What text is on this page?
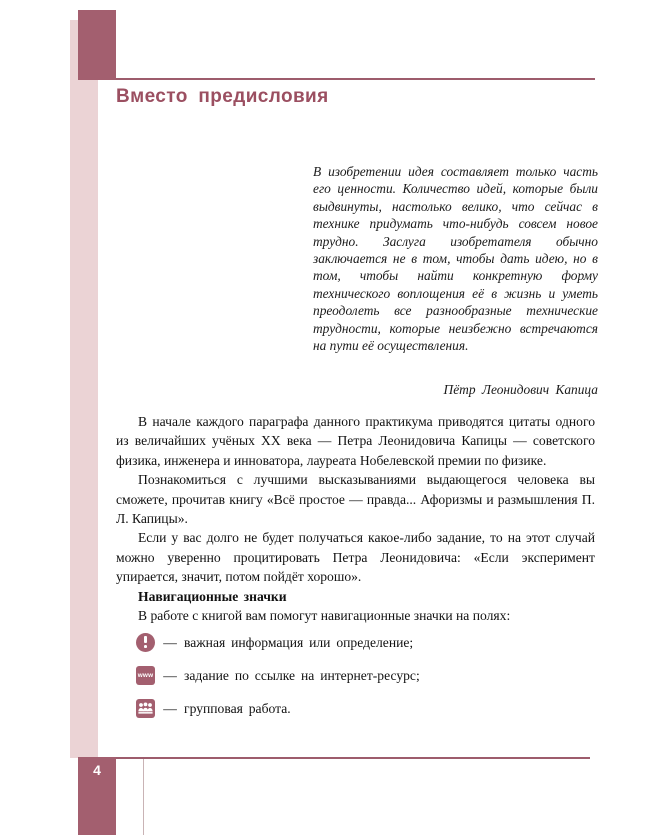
Вместо предисловия
В изобретении идея составляет только часть его ценности. Количество идей, которые были выдвинуты, настолько велико, что сейчас в технике придумать что-нибудь совсем новое трудно. Заслуга изобретателя обычно заключается не в том, чтобы дать идею, но в том, чтобы найти конкретную форму технического воплощения её в жизнь и уметь преодолеть все разнообразные технические трудности, которые неизбежно встречаются на пути её осуществления.
Пётр Леонидович Капица

В начале каждого параграфа данного практикума приводятся цитаты одного из величайших учёных XX века — Петра Леонидовича Капицы — советского физика, инженера и инноватора, лауреата Нобелевской премии по физике.

Познакомиться с лучшими высказываниями выдающегося человека вы сможете, прочитав книгу «Всё простое — правда... Афоризмы и размышления П. Л. Капицы».

Если у вас долго не будет получаться какое-либо задание, то на этот случай можно уверенно процитировать Петра Леонидовича: «Если эксперимент упирается, значит, потом пойдёт хорошо».

Навигационные значки

В работе с книгой вам помогут навигационные значки на полях:

— важная информация или определение;
www — задание по ссылке на интернет-ресурс;
— групповая работа.
4
